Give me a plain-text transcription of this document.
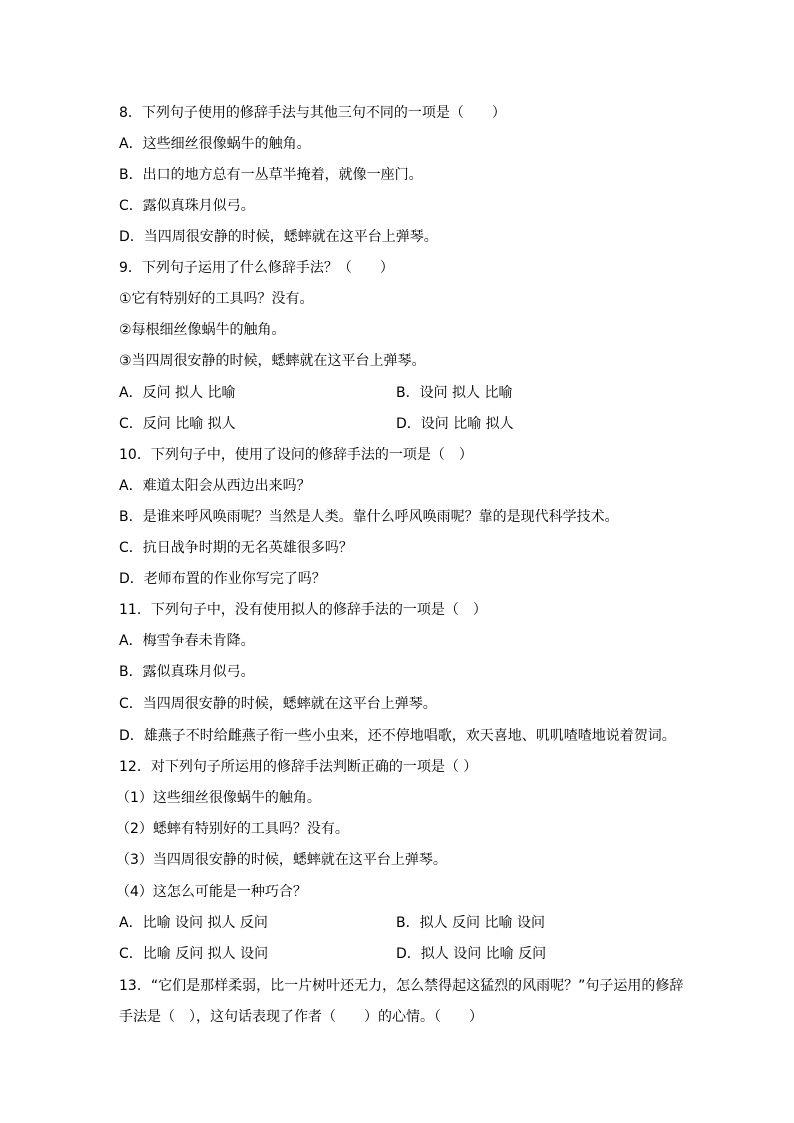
8．下列句子使用的修辞手法与其他三句不同的一项是（　　）
A．这些细丝很像蜗牛的触角。
B．出口的地方总有一丛草半掩着，就像一座门。
C．露似真珠月似弓。
D．当四周很安静的时候，蟋蟀就在这平台上弹琴。
9．下列句子运用了什么修辞手法？（　　）
①它有特别好的工具吗？没有。
②每根细丝像蜗牛的触角。
③当四周很安静的时候，蟋蟀就在这平台上弹琴。
A．反问 拟人 比喻	B．设问 拟人 比喻
C．反问 比喻 拟人	D．设问 比喻 拟人
10．下列句子中，使用了设问的修辞手法的一项是（　）
A．难道太阳会从西边出来吗？
B．是谁来呼风唤雨呢？当然是人类。靠什么呼风唤雨呢？靠的是现代科学技术。
C．抗日战争时期的无名英雄很多吗？
D．老师布置的作业你写完了吗？
11．下列句子中，没有使用拟人的修辞手法的一项是（　）
A．梅雪争春未肯降。
B．露似真珠月似弓。
C．当四周很安静的时候，蟋蟀就在这平台上弹琴。
D．雄燕子不时给雌燕子衔一些小虫来，还不停地唱歌，欢天喜地、叽叽喳喳地说着贺词。
12．对下列句子所运用的修辞手法判断正确的一项是（ ）
（1）这些细丝很像蜗牛的触角。
（2）蟋蟀有特别好的工具吗？没有。
（3）当四周很安静的时候，蟋蟀就在这平台上弹琴。
（4）这怎么可能是一种巧合？
A．比喻 设问 拟人 反问	B．拟人 反问 比喻 设问
C．比喻 反问 拟人 设问	D．拟人 设问 比喻 反问
13．“它们是那样柔弱，比一片树叶还无力，怎么禁得起这猛烈的风雨呢？”句子运用的修辞
手法是（　），这句话表现了作者（　　）的心情。（　　）
